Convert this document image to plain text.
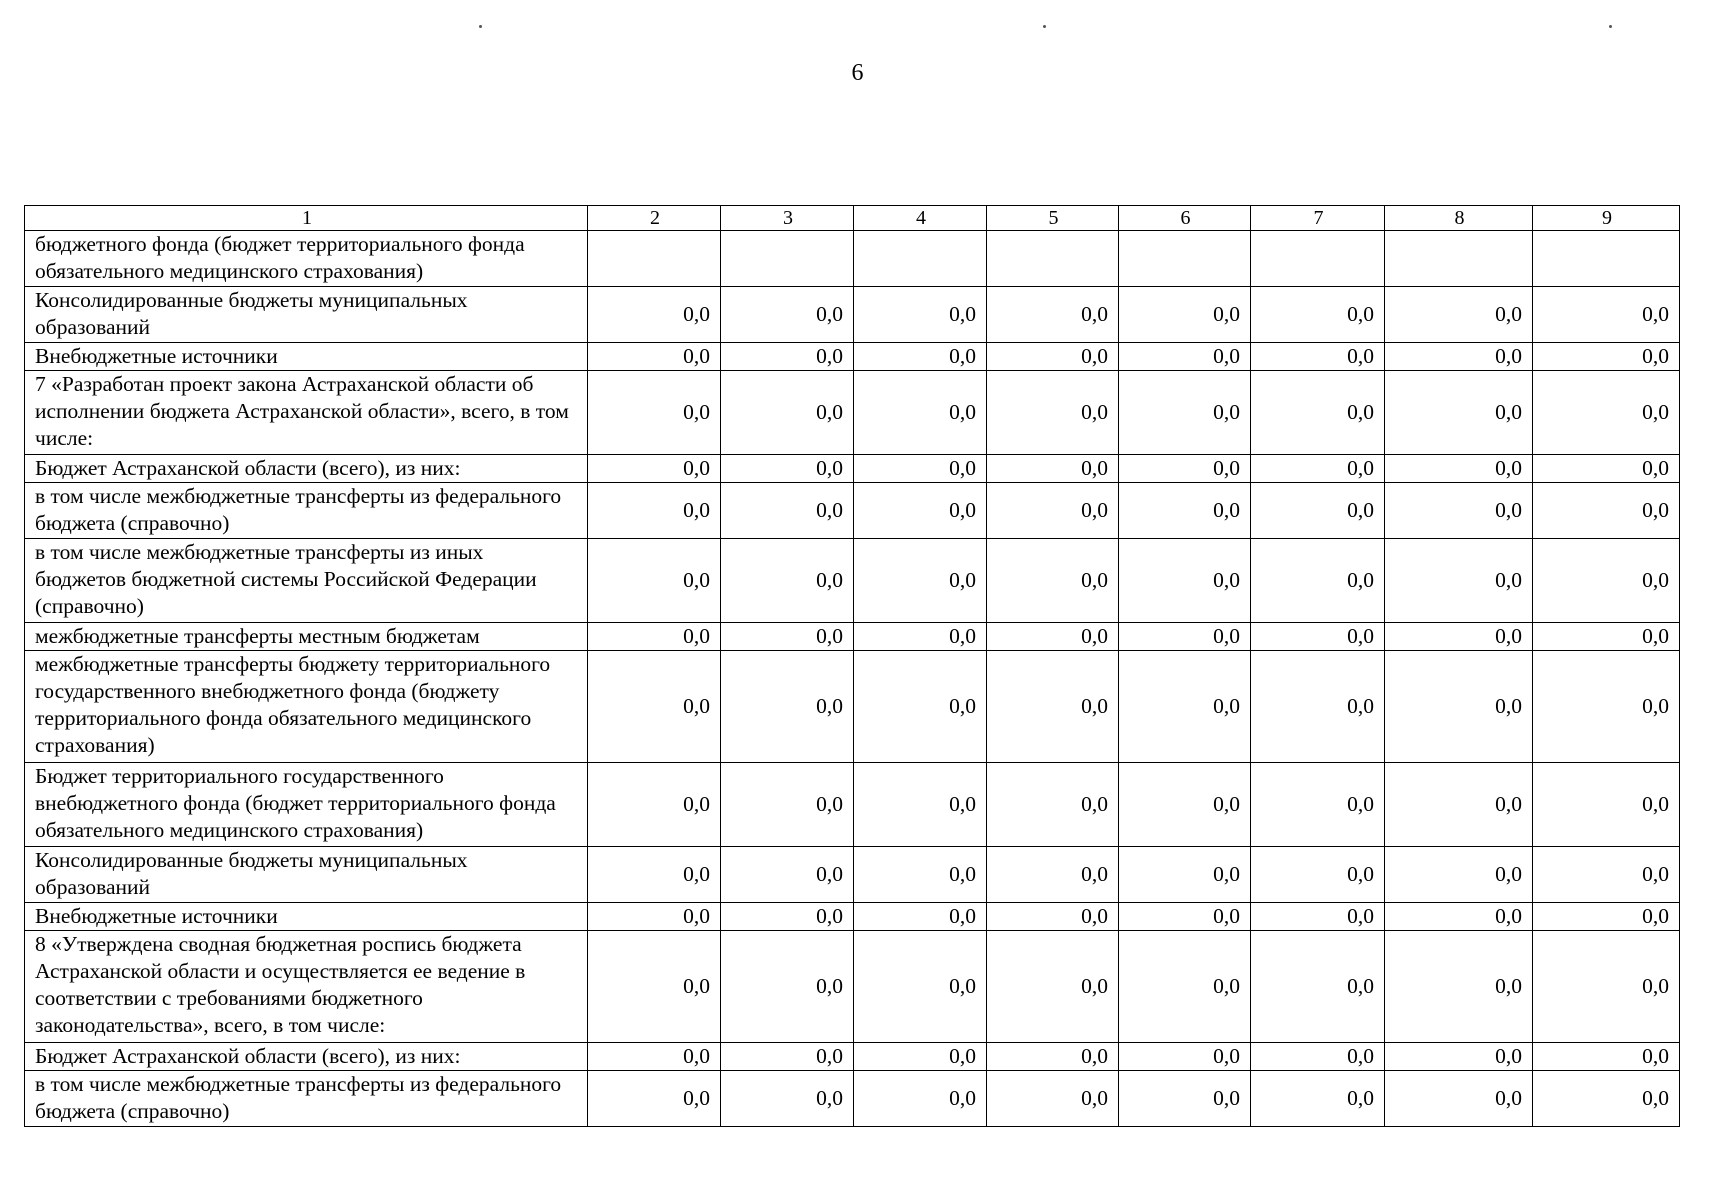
6
1	2	3	4	5	6	7	8	9
бюджетного фонда (бюджет территориального фонда обязательного медицинского страхования)								
Консолидированные бюджеты муниципальных образований	0,0	0,0	0,0	0,0	0,0	0,0	0,0	0,0
Внебюджетные источники	0,0	0,0	0,0	0,0	0,0	0,0	0,0	0,0
7 «Разработан проект закона Астраханской области об исполнении бюджета Астраханской области», всего, в том числе:	0,0	0,0	0,0	0,0	0,0	0,0	0,0	0,0
Бюджет Астраханской области (всего), из них:	0,0	0,0	0,0	0,0	0,0	0,0	0,0	0,0
в том числе межбюджетные трансферты из федерального бюджета (справочно)	0,0	0,0	0,0	0,0	0,0	0,0	0,0	0,0
в том числе межбюджетные трансферты из иных бюджетов бюджетной системы Российской Федерации (справочно)	0,0	0,0	0,0	0,0	0,0	0,0	0,0	0,0
межбюджетные трансферты местным бюджетам	0,0	0,0	0,0	0,0	0,0	0,0	0,0	0,0
межбюджетные трансферты бюджету территориального государственного внебюджетного фонда (бюджету территориального фонда обязательного медицинского страхования)	0,0	0,0	0,0	0,0	0,0	0,0	0,0	0,0
Бюджет территориального государственного внебюджетного фонда (бюджет территориального фонда обязательного медицинского страхования)	0,0	0,0	0,0	0,0	0,0	0,0	0,0	0,0
Консолидированные бюджеты муниципальных образований	0,0	0,0	0,0	0,0	0,0	0,0	0,0	0,0
Внебюджетные источники	0,0	0,0	0,0	0,0	0,0	0,0	0,0	0,0
8 «Утверждена сводная бюджетная роспись бюджета Астраханской области и осуществляется ее ведение в соответствии с требованиями бюджетного законодательства», всего, в том числе:	0,0	0,0	0,0	0,0	0,0	0,0	0,0	0,0
Бюджет Астраханской области (всего), из них:	0,0	0,0	0,0	0,0	0,0	0,0	0,0	0,0
в том числе межбюджетные трансферты из федерального бюджета (справочно)	0,0	0,0	0,0	0,0	0,0	0,0	0,0	0,0
